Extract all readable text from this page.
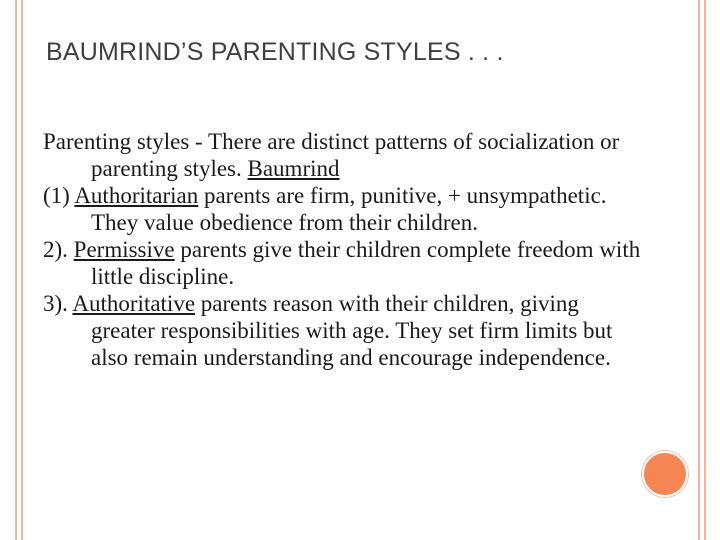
BAUMRIND’S PARENTING STYLES . . .

Parenting styles - There are distinct patterns of socialization or parenting styles. Baumrind

(1) Authoritarian parents are firm, punitive, + unsympathetic. They value obedience from their children.

2). Permissive parents give their children complete freedom with little discipline.

3). Authoritative parents reason with their children, giving greater responsibilities with age. They set firm limits but also remain understanding and encourage independence.
